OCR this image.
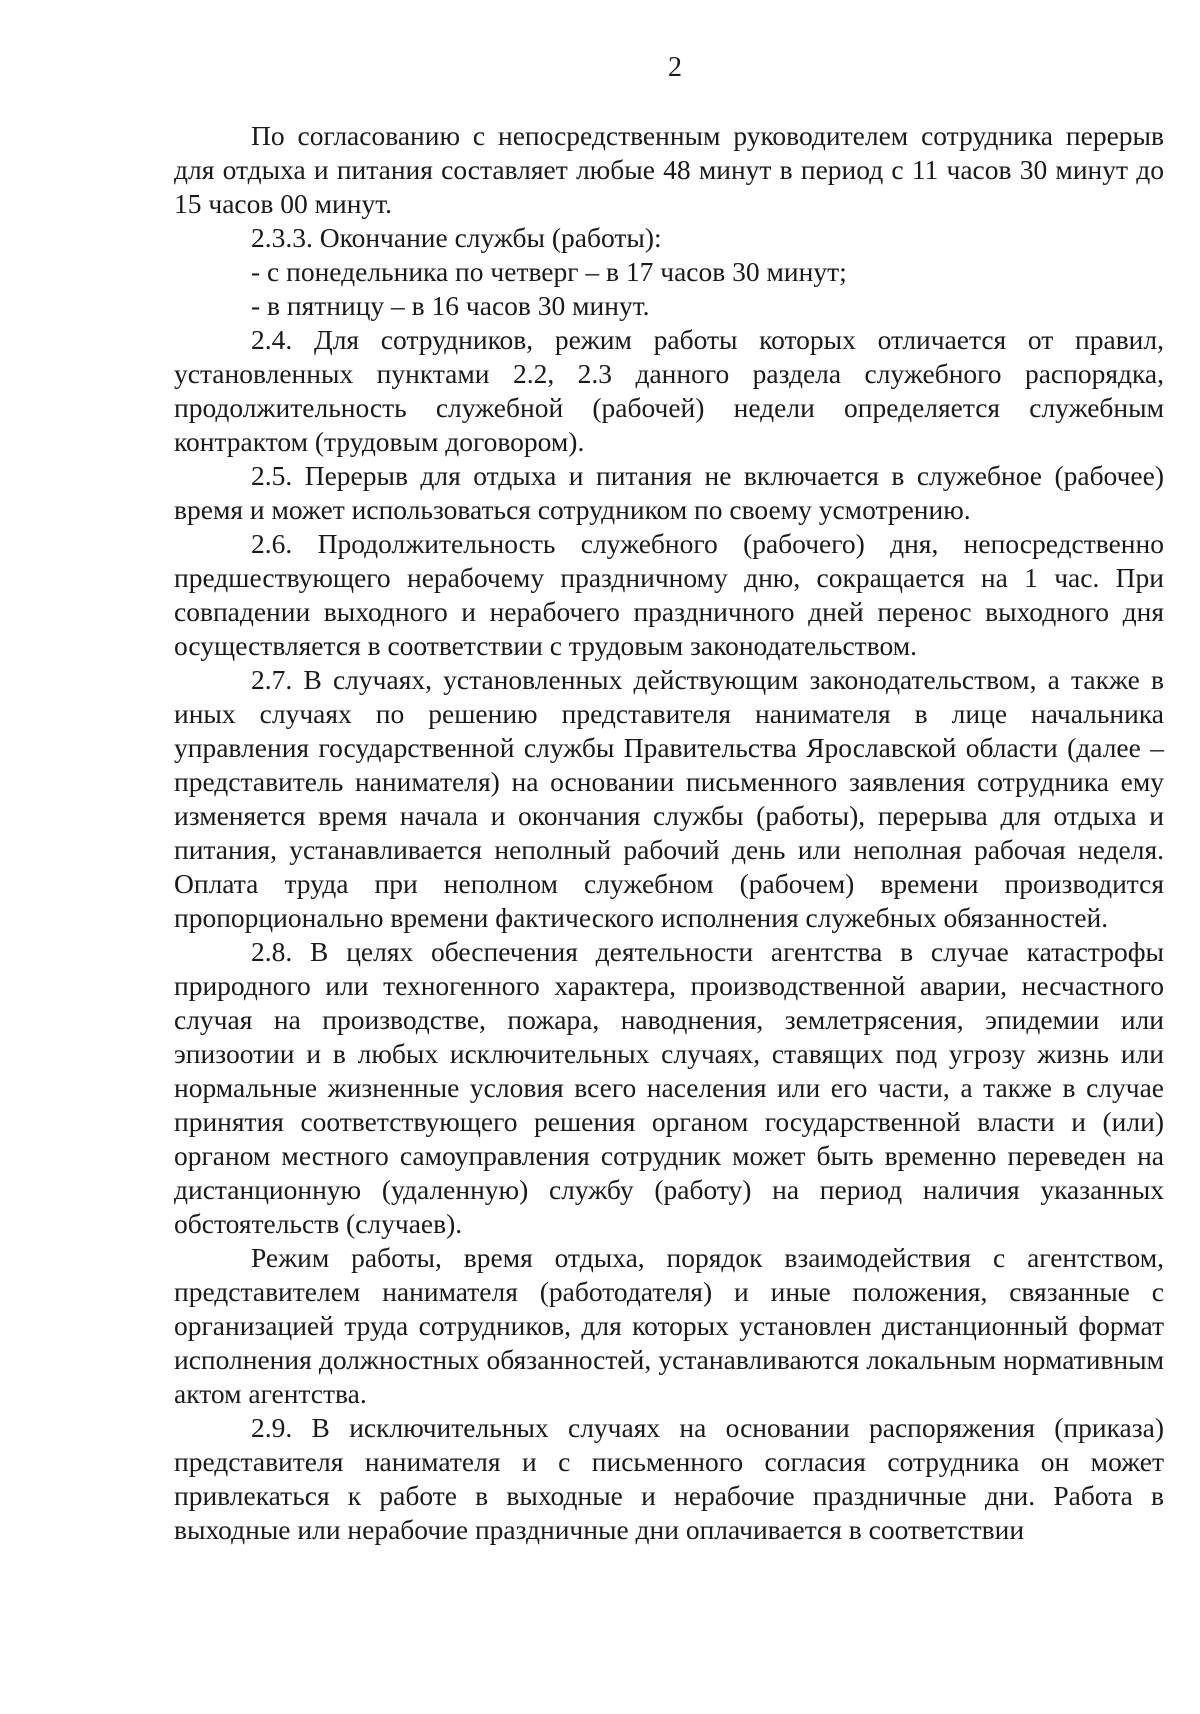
2

По согласованию с непосредственным руководителем сотрудника перерыв для отдыха и питания составляет любые 48 минут в период с 11 часов 30 минут до 15 часов 00 минут.

2.3.3. Окончание службы (работы):

- с понедельника по четверг – в 17 часов 30 минут;

- в пятницу – в 16 часов 30 минут.

2.4. Для сотрудников, режим работы которых отличается от правил, установленных пунктами 2.2, 2.3 данного раздела служебного распорядка, продолжительность служебной (рабочей) недели определяется служебным контрактом (трудовым договором).

2.5. Перерыв для отдыха и питания не включается в служебное (рабочее) время и может использоваться сотрудником по своему усмотрению.

2.6. Продолжительность служебного (рабочего) дня, непосредственно предшествующего нерабочему праздничному дню, сокращается на 1 час. При совпадении выходного и нерабочего праздничного дней перенос выходного дня осуществляется в соответствии с трудовым законодательством.

2.7. В случаях, установленных действующим законодательством, а также в иных случаях по решению представителя нанимателя в лице начальника управления государственной службы Правительства Ярославской области (далее – представитель нанимателя) на основании письменного заявления сотрудника ему изменяется время начала и окончания службы (работы), перерыва для отдыха и питания, устанавливается неполный рабочий день или неполная рабочая неделя. Оплата труда при неполном служебном (рабочем) времени производится пропорционально времени фактического исполнения служебных обязанностей.

2.8. В целях обеспечения деятельности агентства в случае катастрофы природного или техногенного характера, производственной аварии, несчастного случая на производстве, пожара, наводнения, землетрясения, эпидемии или эпизоотии и в любых исключительных случаях, ставящих под угрозу жизнь или нормальные жизненные условия всего населения или его части, а также в случае принятия соответствующего решения органом государственной власти и (или) органом местного самоуправления сотрудник может быть временно переведен на дистанционную (удаленную) службу (работу) на период наличия указанных обстоятельств (случаев).

Режим работы, время отдыха, порядок взаимодействия с агентством, представителем нанимателя (работодателя) и иные положения, связанные с организацией труда сотрудников, для которых установлен дистанционный формат исполнения должностных обязанностей, устанавливаются локальным нормативным актом агентства.

2.9. В исключительных случаях на основании распоряжения (приказа) представителя нанимателя и с письменного согласия сотрудника он может привлекаться к работе в выходные и нерабочие праздничные дни. Работа в выходные или нерабочие праздничные дни оплачивается в соответствии
